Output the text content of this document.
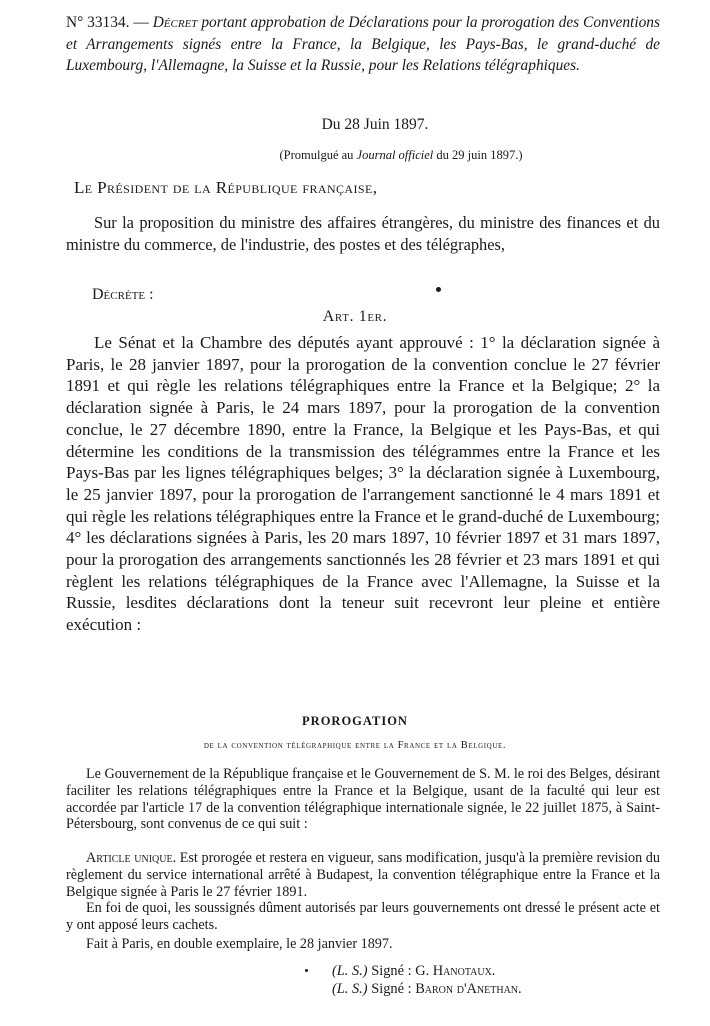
N° 33134. — Décret portant approbation de Déclarations pour la prorogation des Conventions et Arrangements signés entre la France, la Belgique, les Pays-Bas, le grand-duché de Luxembourg, l'Allemagne, la Suisse et la Russie, pour les Relations télégraphiques.
Du 28 Juin 1897.
(Promulgué au Journal officiel du 29 juin 1897.)
Le Président de la République française,
Sur la proposition du ministre des affaires étrangères, du ministre des finances et du ministre du commerce, de l'industrie, des postes et des télégraphes,
Décrète :
Art. 1er.
Le Sénat et la Chambre des députés ayant approuvé : 1° la déclaration signée à Paris, le 28 janvier 1897, pour la prorogation de la convention conclue le 27 février 1891 et qui règle les relations télégraphiques entre la France et la Belgique; 2° la déclaration signée à Paris, le 24 mars 1897, pour la prorogation de la convention conclue, le 27 décembre 1890, entre la France, la Belgique et les Pays-Bas, et qui détermine les conditions de la transmission des télégrammes entre la France et les Pays-Bas par les lignes télégraphiques belges; 3° la déclaration signée à Luxembourg, le 25 janvier 1897, pour la prorogation de l'arrangement sanctionné le 4 mars 1891 et qui règle les relations télégraphiques entre la France et le grand-duché de Luxembourg; 4° les déclarations signées à Paris, les 20 mars 1897, 10 février 1897 et 31 mars 1897, pour la prorogation des arrangements sanctionnés les 28 février et 23 mars 1891 et qui règlent les relations télégraphiques de la France avec l'Allemagne, la Suisse et la Russie, lesdites déclarations dont la teneur suit recevront leur pleine et entière exécution :
PROROGATION
de la convention télégraphique entre la France et la Belgique.
Le Gouvernement de la République française et le Gouvernement de S. M. le roi des Belges, désirant faciliter les relations télégraphiques entre la France et la Belgique, usant de la faculté qui leur est accordée par l'article 17 de la convention télégraphique internationale signée, le 22 juillet 1875, à Saint-Pétersbourg, sont convenus de ce qui suit :
Article unique. Est prorogée et restera en vigueur, sans modification, jusqu'à la première revision du règlement du service international arrêté à Budapest, la convention télégraphique entre la France et la Belgique signée à Paris le 27 février 1891.
En foi de quoi, les soussignés dûment autorisés par leurs gouvernements ont dressé le présent acte et y ont apposé leurs cachets.
Fait à Paris, en double exemplaire, le 28 janvier 1897.
(L. S.) Signé : G. Hanotaux.
(L. S.) Signé : Baron d'Anethan.
